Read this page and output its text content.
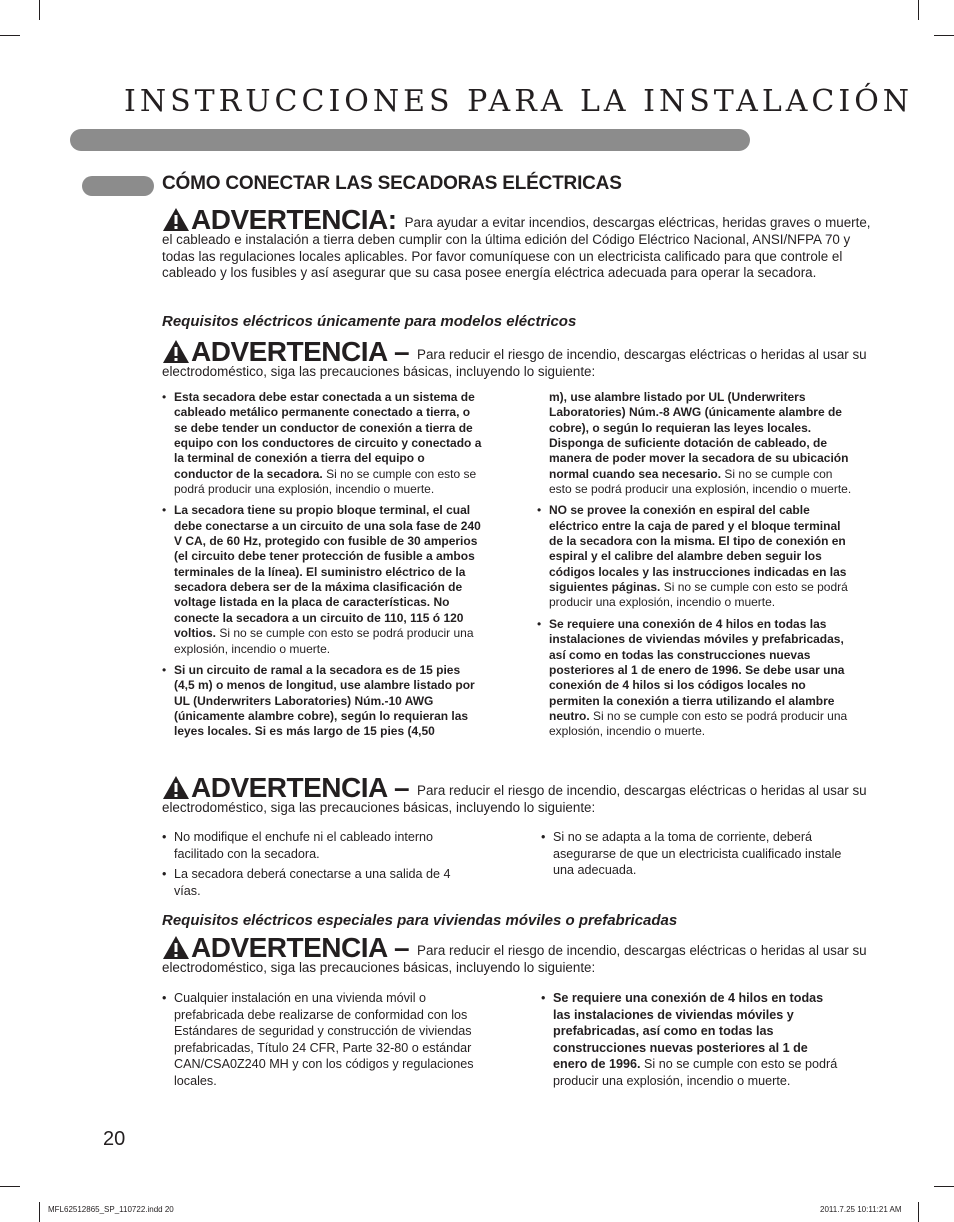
INSTRUCCIONES PARA LA INSTALACIÓN
CÓMO CONECTAR LAS SECADORAS ELÉCTRICAS

ADVERTENCIA: Para ayudar a evitar incendios, descargas eléctricas, heridas graves o muerte, el cableado e instalación a tierra deben cumplir con la última edición del Código Eléctrico Nacional, ANSI/NFPA 70 y todas las regulaciones locales aplicables. Por favor comuníquese con un electricista calificado para que controle el cableado y los fusibles y así asegurar que su casa posee energía eléctrica adecuada para operar la secadora.

Requisitos eléctricos únicamente para modelos eléctricos

ADVERTENCIA – Para reducir el riesgo de incendio, descargas eléctricas o heridas al usar su electrodoméstico, siga las precauciones básicas, incluyendo lo siguiente:

• Esta secadora debe estar conectada a un sistema de cableado metálico permanente conectado a tierra, o se debe tender un conductor de conexión a tierra de equipo con los conductores de circuito y conectado a la terminal de conexión a tierra del equipo o conductor de la secadora. Si no se cumple con esto se podrá producir una explosión, incendio o muerte.
• La secadora tiene su propio bloque terminal, el cual debe conectarse a un circuito de una sola fase de 240 V CA, de 60 Hz, protegido con fusible de 30 amperios (el circuito debe tener protección de fusible a ambos terminales de la línea). El suministro eléctrico de la secadora debera ser de la máxima clasificación de voltage listada en la placa de características. No conecte la secadora a un circuito de 110, 115 ó 120 voltios. Si no se cumple con esto se podrá producir una explosión, incendio o muerte.
• Si un circuito de ramal a la secadora es de 15 pies (4,5 m) o menos de longitud, use alambre listado por UL (Underwriters Laboratories) Núm.-10 AWG (únicamente alambre cobre), según lo requieran las leyes locales. Si es más largo de 15 pies (4,50
m), use alambre listado por UL (Underwriters Laboratories) Núm.-8 AWG (únicamente alambre de cobre), o según lo requieran las leyes locales. Disponga de suficiente dotación de cableado, de manera de poder mover la secadora de su ubicación normal cuando sea necesario. Si no se cumple con esto se podrá producir una explosión, incendio o muerte.
• NO se provee la conexión en espiral del cable eléctrico entre la caja de pared y el bloque terminal de la secadora con la misma. El tipo de conexión en espiral y el calibre del alambre deben seguir los códigos locales y las instrucciones indicadas en las siguientes páginas. Si no se cumple con esto se podrá producir una explosión, incendio o muerte.
• Se requiere una conexión de 4 hilos en todas las instalaciones de viviendas móviles y prefabricadas, así como en todas las construcciones nuevas posteriores al 1 de enero de 1996. Se debe usar una conexión de 4 hilos si los códigos locales no permiten la conexión a tierra utilizando el alambre neutro. Si no se cumple con esto se podrá producir una explosión, incendio o muerte.

ADVERTENCIA – Para reducir el riesgo de incendio, descargas eléctricas o heridas al usar su electrodoméstico, siga las precauciones básicas, incluyendo lo siguiente:

• No modifique el enchufe ni el cableado interno facilitado con la secadora.
• La secadora deberá conectarse a una salida de 4 vías.
• Si no se adapta a la toma de corriente, deberá asegurarse de que un electricista cualificado instale una adecuada.

Requisitos eléctricos especiales para viviendas móviles o prefabricadas

ADVERTENCIA – Para reducir el riesgo de incendio, descargas eléctricas o heridas al usar su electrodoméstico, siga las precauciones básicas, incluyendo lo siguiente:

• Cualquier instalación en una vivienda móvil o prefabricada debe realizarse de conformidad con los Estándares de seguridad y construcción de viviendas prefabricadas, Título 24 CFR, Parte 32-80 o estándar CAN/CSA0Z240 MH y con los códigos y regulaciones locales.
• Se requiere una conexión de 4 hilos en todas las instalaciones de viviendas móviles y prefabricadas, así como en todas las construcciones nuevas posteriores al 1 de enero de 1996. Si no se cumple con esto se podrá producir una explosión, incendio o muerte.

20

MFL62512865_SP_110722.indd 20	2011.7.25 10:11:21 AM
